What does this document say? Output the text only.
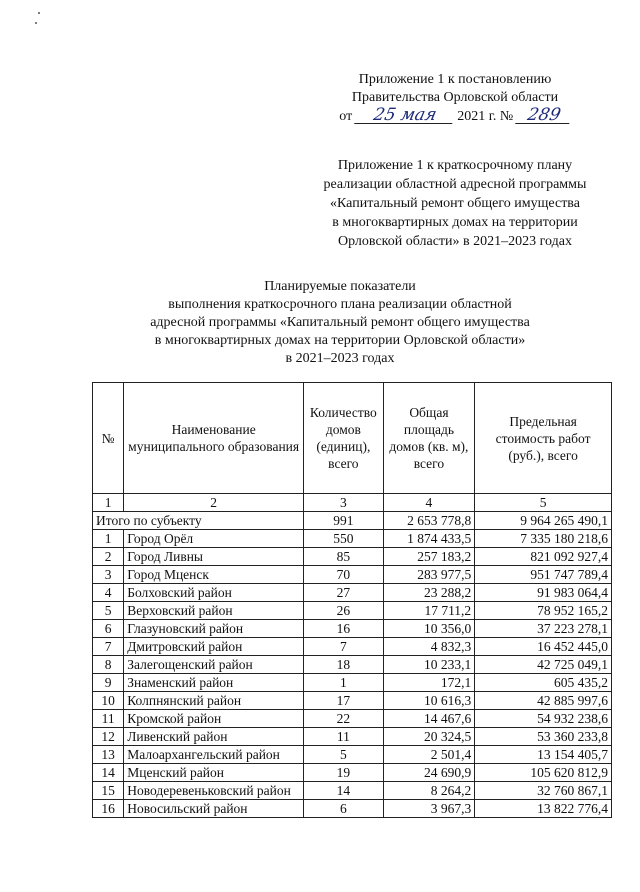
Приложение 1 к постановлению
Правительства Орловской области
от 25 мая 2021 г. № 289
Приложение 1 к краткосрочному плану
реализации областной адресной программы
«Капитальный ремонт общего имущества
в многоквартирных домах на территории
Орловской области» в 2021–2023 годах
Планируемые показатели
выполнения краткосрочного плана реализации областной
адресной программы «Капитальный ремонт общего имущества
в многоквартирных домах на территории Орловской области»
в 2021–2023 годах
№	Наименование муниципального образования	Количество домов (единиц), всего	Общая площадь домов (кв. м), всего	Предельная стоимость работ (руб.), всего
1	2	3	4	5
Итого по субъекту		991	2 653 778,8	9 964 265 490,1
1	Город Орёл	550	1 874 433,5	7 335 180 218,6
2	Город Ливны	85	257 183,2	821 092 927,4
3	Город Мценск	70	283 977,5	951 747 789,4
4	Болховский район	27	23 288,2	91 983 064,4
5	Верховский район	26	17 711,2	78 952 165,2
6	Глазуновский район	16	10 356,0	37 223 278,1
7	Дмитровский район	7	4 832,3	16 452 445,0
8	Залегощенский район	18	10 233,1	42 725 049,1
9	Знаменский район	1	172,1	605 435,2
10	Колпнянский район	17	10 616,3	42 885 997,6
11	Кромской район	22	14 467,6	54 932 238,6
12	Ливенский район	11	20 324,5	53 360 233,8
13	Малоархангельский район	5	2 501,4	13 154 405,7
14	Мценский район	19	24 690,9	105 620 812,9
15	Новодеревеньковский район	14	8 264,2	32 760 867,1
16	Новосильский район	6	3 967,3	13 822 776,4
